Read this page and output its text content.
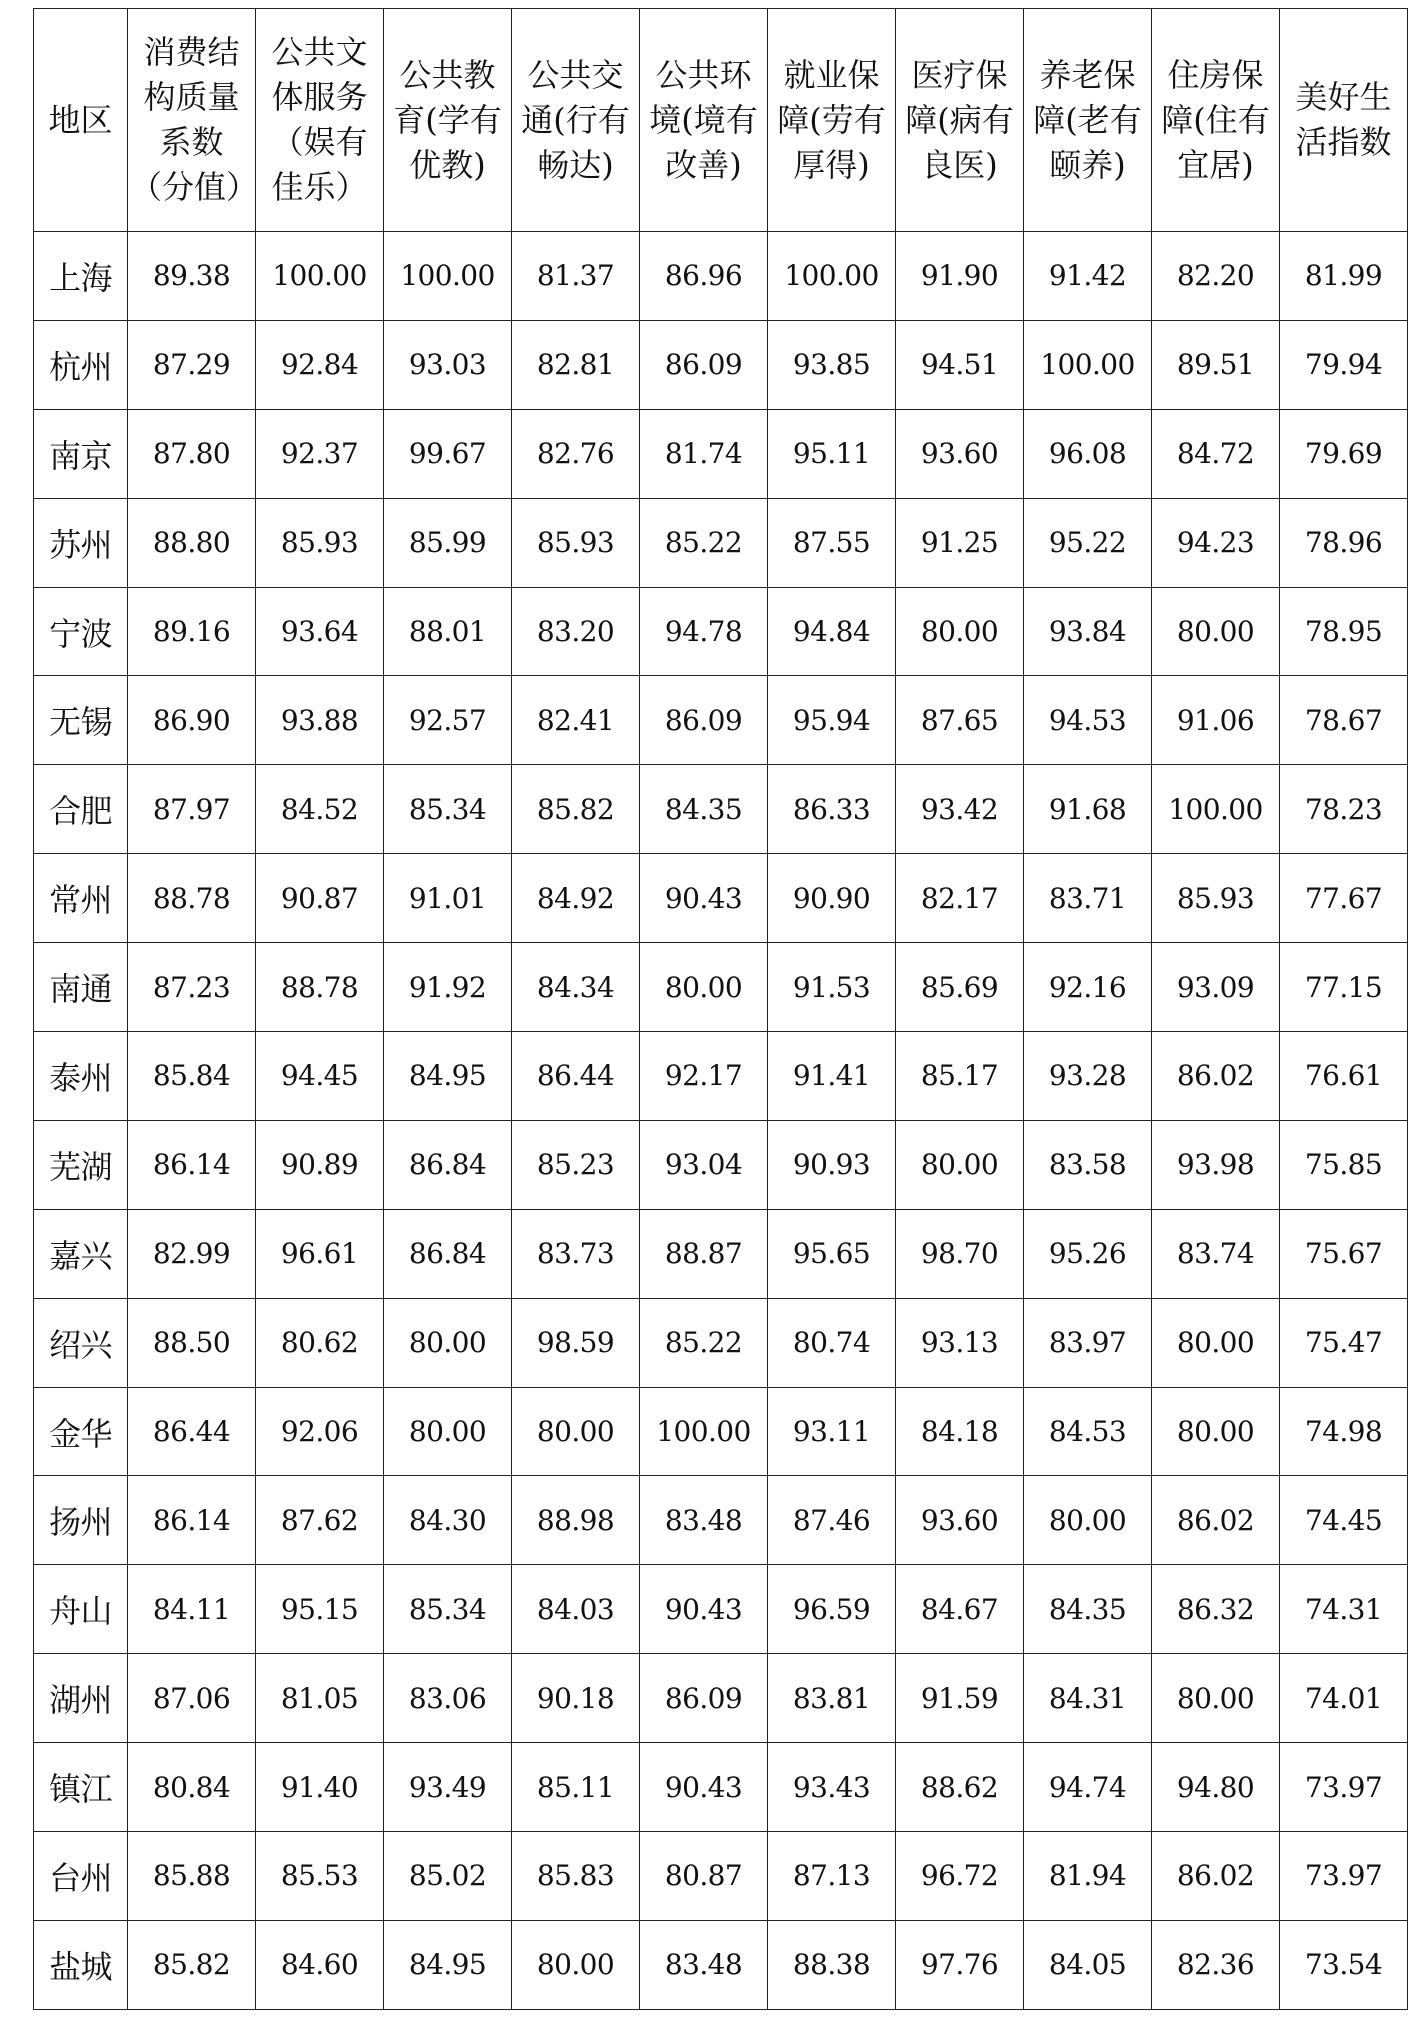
地区	消费结构质量系数（分值）	公共文体服务（娱有佳乐）	公共教育(学有优教)	公共交通(行有畅达)	公共环境(境有改善)	就业保障(劳有厚得)	医疗保障(病有良医)	养老保障(老有颐养)	住房保障(住有宜居)	美好生活指数
上海	89.38	100.00	100.00	81.37	86.96	100.00	91.90	91.42	82.20	81.99
杭州	87.29	92.84	93.03	82.81	86.09	93.85	94.51	100.00	89.51	79.94
南京	87.80	92.37	99.67	82.76	81.74	95.11	93.60	96.08	84.72	79.69
苏州	88.80	85.93	85.99	85.93	85.22	87.55	91.25	95.22	94.23	78.96
宁波	89.16	93.64	88.01	83.20	94.78	94.84	80.00	93.84	80.00	78.95
无锡	86.90	93.88	92.57	82.41	86.09	95.94	87.65	94.53	91.06	78.67
合肥	87.97	84.52	85.34	85.82	84.35	86.33	93.42	91.68	100.00	78.23
常州	88.78	90.87	91.01	84.92	90.43	90.90	82.17	83.71	85.93	77.67
南通	87.23	88.78	91.92	84.34	80.00	91.53	85.69	92.16	93.09	77.15
泰州	85.84	94.45	84.95	86.44	92.17	91.41	85.17	93.28	86.02	76.61
芜湖	86.14	90.89	86.84	85.23	93.04	90.93	80.00	83.58	93.98	75.85
嘉兴	82.99	96.61	86.84	83.73	88.87	95.65	98.70	95.26	83.74	75.67
绍兴	88.50	80.62	80.00	98.59	85.22	80.74	93.13	83.97	80.00	75.47
金华	86.44	92.06	80.00	80.00	100.00	93.11	84.18	84.53	80.00	74.98
扬州	86.14	87.62	84.30	88.98	83.48	87.46	93.60	80.00	86.02	74.45
舟山	84.11	95.15	85.34	84.03	90.43	96.59	84.67	84.35	86.32	74.31
湖州	87.06	81.05	83.06	90.18	86.09	83.81	91.59	84.31	80.00	74.01
镇江	80.84	91.40	93.49	85.11	90.43	93.43	88.62	94.74	94.80	73.97
台州	85.88	85.53	85.02	85.83	80.87	87.13	96.72	81.94	86.02	73.97
盐城	85.82	84.60	84.95	80.00	83.48	88.38	97.76	84.05	82.36	73.54
